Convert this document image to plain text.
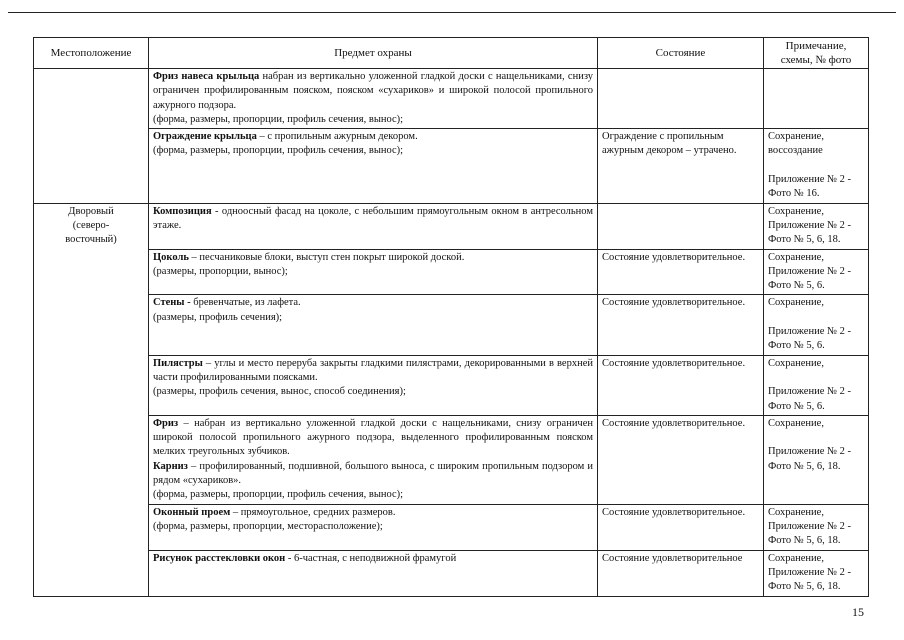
Местоположение	Предмет охраны	Состояние	Примечание,
схемы, № фото
	Фриз навеса крыльца набран из вертикально уложенной гладкой доски с нащельниками, снизу ограничен профилированным пояском, пояском «сухариков» и широкой полосой пропильного ажурного подзора.
(форма, размеры, пропорции, профиль сечения, вынос);		
	Ограждение крыльца – с пропильным ажурным декором.
(форма, размеры, пропорции, профиль сечения, вынос);	Ограждение с пропильным ажурным декором – утрачено.	Сохранение, воссоздание
Приложение № 2 - Фото № 16.
Дворовый
(северо-
восточный)	Композиция - одноосный фасад на цоколе, с небольшим прямоугольным окном в антресольном этаже.		Сохранение, Приложение № 2 - Фото № 5, 6, 18.
	Цоколь – песчаниковые блоки, выступ стен покрыт широкой доской.
(размеры, пропорции, вынос);	Состояние удовлетворительное.	Сохранение, Приложение № 2 - Фото № 5, 6.
	Стены - бревенчатые, из лафета.
(размеры, профиль сечения);	Состояние удовлетворительное.	Сохранение,
Приложение № 2 - Фото № 5, 6.
	Пилястры – углы и место переруба закрыты гладкими пилястрами, декорированными в верхней части профилированными поясками.
(размеры, профиль сечения, вынос, способ соединения);	Состояние удовлетворительное.	Сохранение,
Приложение № 2 - Фото № 5, 6.
	Фриз – набран из вертикально уложенной гладкой доски с нащельниками, снизу ограничен широкой полосой пропильного ажурного подзора, выделенного профилированным пояском мелких треугольных зубчиков.
Карниз – профилированный, подшивной, большого выноса, с широким пропильным подзором и рядом «сухариков».
(форма, размеры, пропорции, профиль сечения, вынос);	Состояние удовлетворительное.	Сохранение,
Приложение № 2 - Фото № 5, 6, 18.
	Оконный проем – прямоугольное, средних размеров.
(форма, размеры, пропорции, месторасположение);	Состояние удовлетворительное.	Сохранение, Приложение № 2 - Фото № 5, 6, 18.
	Рисунок расстекловки окон - 6-частная, с неподвижной фрамугой	Состояние удовлетворительное	Сохранение, Приложение № 2 - Фото № 5, 6, 18.
15
